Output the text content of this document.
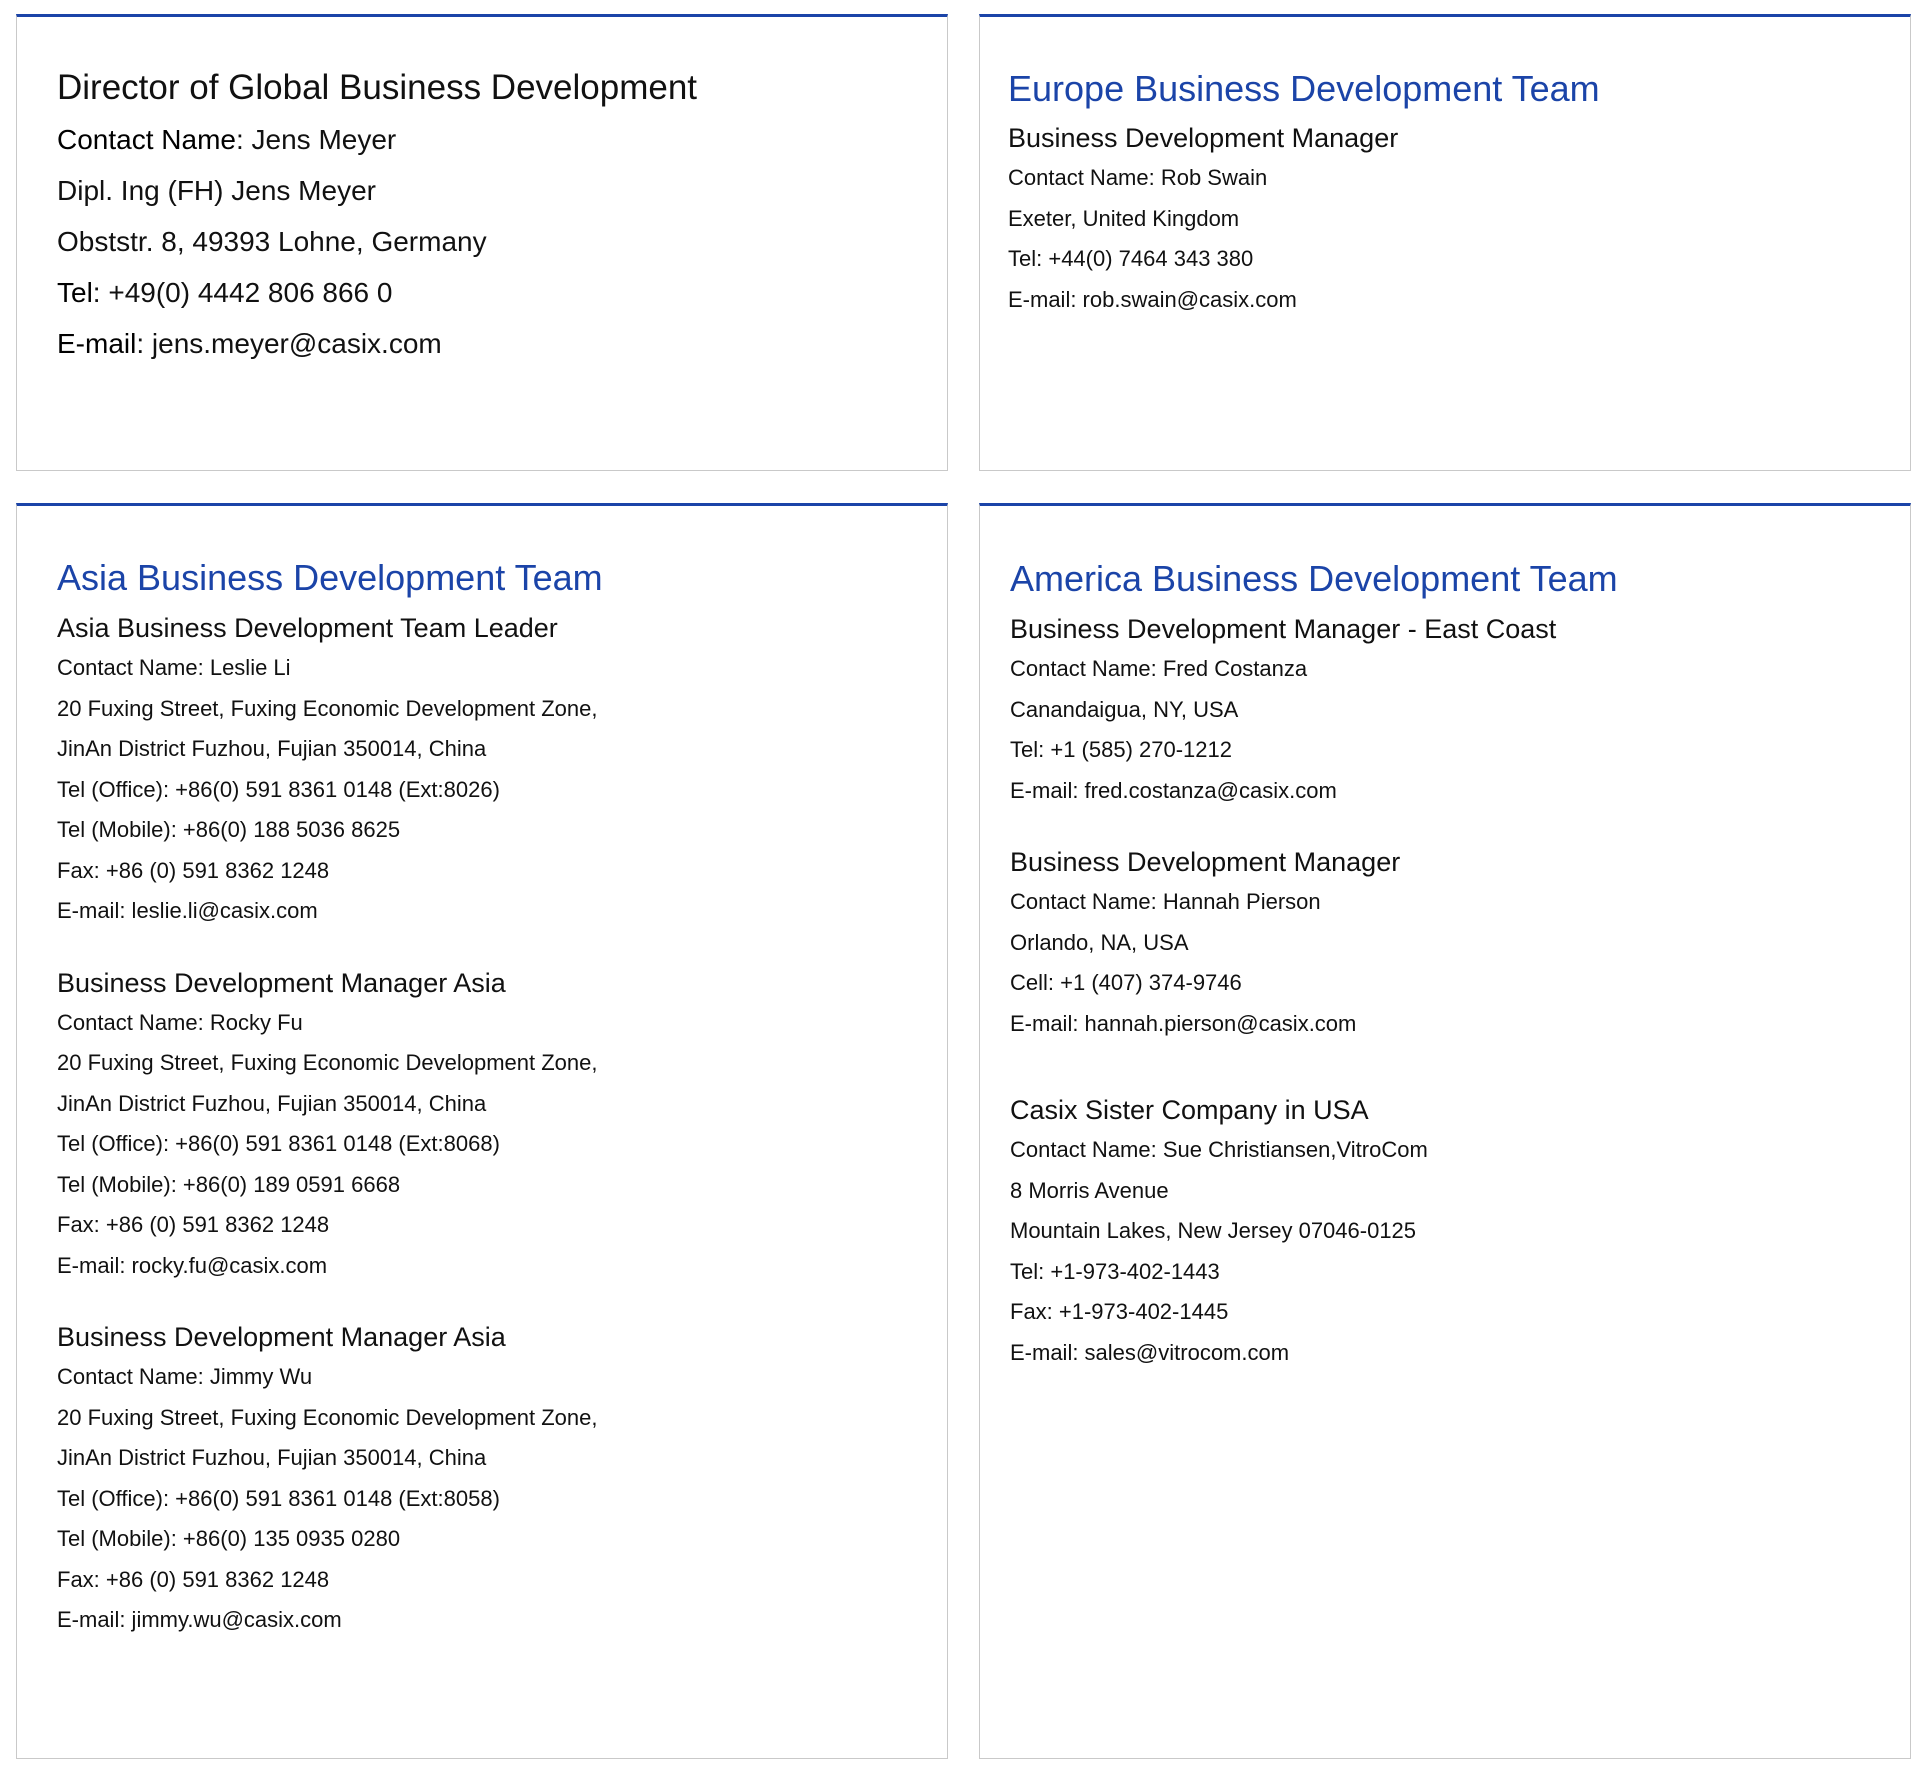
Director of Global Business Development
Contact Name: Jens Meyer
Dipl. Ing (FH) Jens Meyer
Obststr. 8, 49393 Lohne, Germany
Tel: +49(0) 4442 806 866 0
E-mail: jens.meyer@casix.com
Europe Business Development Team
Business Development Manager
Contact Name: Rob Swain
Exeter, United Kingdom
Tel: +44(0) 7464 343 380
E-mail: rob.swain@casix.com
Asia Business Development Team
Asia Business Development Team Leader
Contact Name: Leslie Li
20 Fuxing Street, Fuxing Economic Development Zone,
JinAn District Fuzhou, Fujian 350014, China
Tel (Office): +86(0) 591 8361 0148 (Ext:8026)
Tel (Mobile): +86(0) 188 5036 8625
Fax: +86 (0) 591 8362 1248
E-mail: leslie.li@casix.com
Business Development Manager Asia
Contact Name: Rocky Fu
20 Fuxing Street, Fuxing Economic Development Zone,
JinAn District Fuzhou, Fujian 350014, China
Tel (Office): +86(0) 591 8361 0148 (Ext:8068)
Tel (Mobile): +86(0) 189 0591 6668
Fax: +86 (0) 591 8362 1248
E-mail: rocky.fu@casix.com
Business Development Manager Asia
Contact Name: Jimmy Wu
20 Fuxing Street, Fuxing Economic Development Zone,
JinAn District Fuzhou, Fujian 350014, China
Tel (Office): +86(0) 591 8361 0148 (Ext:8058)
Tel (Mobile): +86(0) 135 0935 0280
Fax: +86 (0) 591 8362 1248
E-mail: jimmy.wu@casix.com
America Business Development Team
Business Development Manager - East Coast
Contact Name: Fred Costanza
Canandaigua, NY, USA
Tel: +1 (585) 270-1212
E-mail: fred.costanza@casix.com
Business Development Manager
Contact Name: Hannah Pierson
Orlando, NA, USA
Cell: +1 (407) 374-9746
E-mail: hannah.pierson@casix.com
Casix Sister Company in USA
Contact Name: Sue Christiansen,VitroCom
8 Morris Avenue
Mountain Lakes, New Jersey 07046-0125
Tel: +1-973-402-1443
Fax: +1-973-402-1445
E-mail: sales@vitrocom.com
